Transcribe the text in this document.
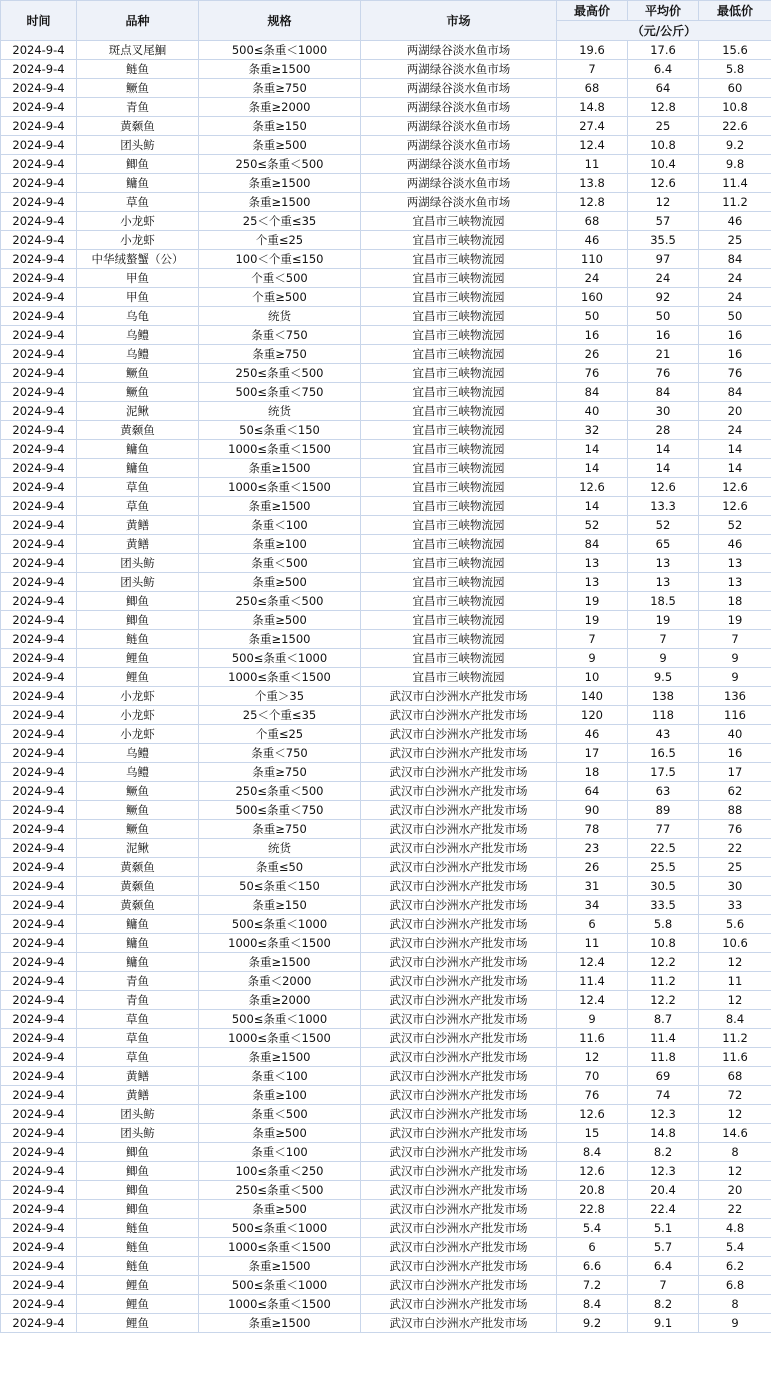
时间	品种	规格	市场	最高价	平均价	最低价
				（元/公斤）		
2024-9-4	斑点叉尾鮰	500≤条重＜1000	两湖绿谷淡水鱼市场	19.6	17.6	15.6
2024-9-4	鲢鱼	条重≥1500	两湖绿谷淡水鱼市场	7	6.4	5.8
2024-9-4	鳜鱼	条重≥750	两湖绿谷淡水鱼市场	68	64	60
2024-9-4	青鱼	条重≥2000	两湖绿谷淡水鱼市场	14.8	12.8	10.8
2024-9-4	黄颡鱼	条重≥150	两湖绿谷淡水鱼市场	27.4	25	22.6
2024-9-4	团头鲂	条重≥500	两湖绿谷淡水鱼市场	12.4	10.8	9.2
2024-9-4	鲫鱼	250≤条重＜500	两湖绿谷淡水鱼市场	11	10.4	9.8
2024-9-4	鳙鱼	条重≥1500	两湖绿谷淡水鱼市场	13.8	12.6	11.4
2024-9-4	草鱼	条重≥1500	两湖绿谷淡水鱼市场	12.8	12	11.2
2024-9-4	小龙虾	25＜个重≤35	宜昌市三峡物流园	68	57	46
2024-9-4	小龙虾	个重≤25	宜昌市三峡物流园	46	35.5	25
2024-9-4	中华绒螯蟹（公）	100＜个重≤150	宜昌市三峡物流园	110	97	84
2024-9-4	甲鱼	个重＜500	宜昌市三峡物流园	24	24	24
2024-9-4	甲鱼	个重≥500	宜昌市三峡物流园	160	92	24
2024-9-4	乌龟	统货	宜昌市三峡物流园	50	50	50
2024-9-4	乌鳢	条重＜750	宜昌市三峡物流园	16	16	16
2024-9-4	乌鳢	条重≥750	宜昌市三峡物流园	26	21	16
2024-9-4	鳜鱼	250≤条重＜500	宜昌市三峡物流园	76	76	76
2024-9-4	鳜鱼	500≤条重＜750	宜昌市三峡物流园	84	84	84
2024-9-4	泥鳅	统货	宜昌市三峡物流园	40	30	20
2024-9-4	黄颡鱼	50≤条重＜150	宜昌市三峡物流园	32	28	24
2024-9-4	鳙鱼	1000≤条重＜1500	宜昌市三峡物流园	14	14	14
2024-9-4	鳙鱼	条重≥1500	宜昌市三峡物流园	14	14	14
2024-9-4	草鱼	1000≤条重＜1500	宜昌市三峡物流园	12.6	12.6	12.6
2024-9-4	草鱼	条重≥1500	宜昌市三峡物流园	14	13.3	12.6
2024-9-4	黄鳝	条重＜100	宜昌市三峡物流园	52	52	52
2024-9-4	黄鳝	条重≥100	宜昌市三峡物流园	84	65	46
2024-9-4	团头鲂	条重＜500	宜昌市三峡物流园	13	13	13
2024-9-4	团头鲂	条重≥500	宜昌市三峡物流园	13	13	13
2024-9-4	鲫鱼	250≤条重＜500	宜昌市三峡物流园	19	18.5	18
2024-9-4	鲫鱼	条重≥500	宜昌市三峡物流园	19	19	19
2024-9-4	鲢鱼	条重≥1500	宜昌市三峡物流园	7	7	7
2024-9-4	鲤鱼	500≤条重＜1000	宜昌市三峡物流园	9	9	9
2024-9-4	鲤鱼	1000≤条重＜1500	宜昌市三峡物流园	10	9.5	9
2024-9-4	小龙虾	个重＞35	武汉市白沙洲水产批发市场	140	138	136
2024-9-4	小龙虾	25＜个重≤35	武汉市白沙洲水产批发市场	120	118	116
2024-9-4	小龙虾	个重≤25	武汉市白沙洲水产批发市场	46	43	40
2024-9-4	乌鳢	条重＜750	武汉市白沙洲水产批发市场	17	16.5	16
2024-9-4	乌鳢	条重≥750	武汉市白沙洲水产批发市场	18	17.5	17
2024-9-4	鳜鱼	250≤条重＜500	武汉市白沙洲水产批发市场	64	63	62
2024-9-4	鳜鱼	500≤条重＜750	武汉市白沙洲水产批发市场	90	89	88
2024-9-4	鳜鱼	条重≥750	武汉市白沙洲水产批发市场	78	77	76
2024-9-4	泥鳅	统货	武汉市白沙洲水产批发市场	23	22.5	22
2024-9-4	黄颡鱼	条重≤50	武汉市白沙洲水产批发市场	26	25.5	25
2024-9-4	黄颡鱼	50≤条重＜150	武汉市白沙洲水产批发市场	31	30.5	30
2024-9-4	黄颡鱼	条重≥150	武汉市白沙洲水产批发市场	34	33.5	33
2024-9-4	鳙鱼	500≤条重＜1000	武汉市白沙洲水产批发市场	6	5.8	5.6
2024-9-4	鳙鱼	1000≤条重＜1500	武汉市白沙洲水产批发市场	11	10.8	10.6
2024-9-4	鳙鱼	条重≥1500	武汉市白沙洲水产批发市场	12.4	12.2	12
2024-9-4	青鱼	条重＜2000	武汉市白沙洲水产批发市场	11.4	11.2	11
2024-9-4	青鱼	条重≥2000	武汉市白沙洲水产批发市场	12.4	12.2	12
2024-9-4	草鱼	500≤条重＜1000	武汉市白沙洲水产批发市场	9	8.7	8.4
2024-9-4	草鱼	1000≤条重＜1500	武汉市白沙洲水产批发市场	11.6	11.4	11.2
2024-9-4	草鱼	条重≥1500	武汉市白沙洲水产批发市场	12	11.8	11.6
2024-9-4	黄鳝	条重＜100	武汉市白沙洲水产批发市场	70	69	68
2024-9-4	黄鳝	条重≥100	武汉市白沙洲水产批发市场	76	74	72
2024-9-4	团头鲂	条重＜500	武汉市白沙洲水产批发市场	12.6	12.3	12
2024-9-4	团头鲂	条重≥500	武汉市白沙洲水产批发市场	15	14.8	14.6
2024-9-4	鲫鱼	条重＜100	武汉市白沙洲水产批发市场	8.4	8.2	8
2024-9-4	鲫鱼	100≤条重＜250	武汉市白沙洲水产批发市场	12.6	12.3	12
2024-9-4	鲫鱼	250≤条重＜500	武汉市白沙洲水产批发市场	20.8	20.4	20
2024-9-4	鲫鱼	条重≥500	武汉市白沙洲水产批发市场	22.8	22.4	22
2024-9-4	鲢鱼	500≤条重＜1000	武汉市白沙洲水产批发市场	5.4	5.1	4.8
2024-9-4	鲢鱼	1000≤条重＜1500	武汉市白沙洲水产批发市场	6	5.7	5.4
2024-9-4	鲢鱼	条重≥1500	武汉市白沙洲水产批发市场	6.6	6.4	6.2
2024-9-4	鲤鱼	500≤条重＜1000	武汉市白沙洲水产批发市场	7.2	7	6.8
2024-9-4	鲤鱼	1000≤条重＜1500	武汉市白沙洲水产批发市场	8.4	8.2	8
2024-9-4	鲤鱼	条重≥1500	武汉市白沙洲水产批发市场	9.2	9.1	9
